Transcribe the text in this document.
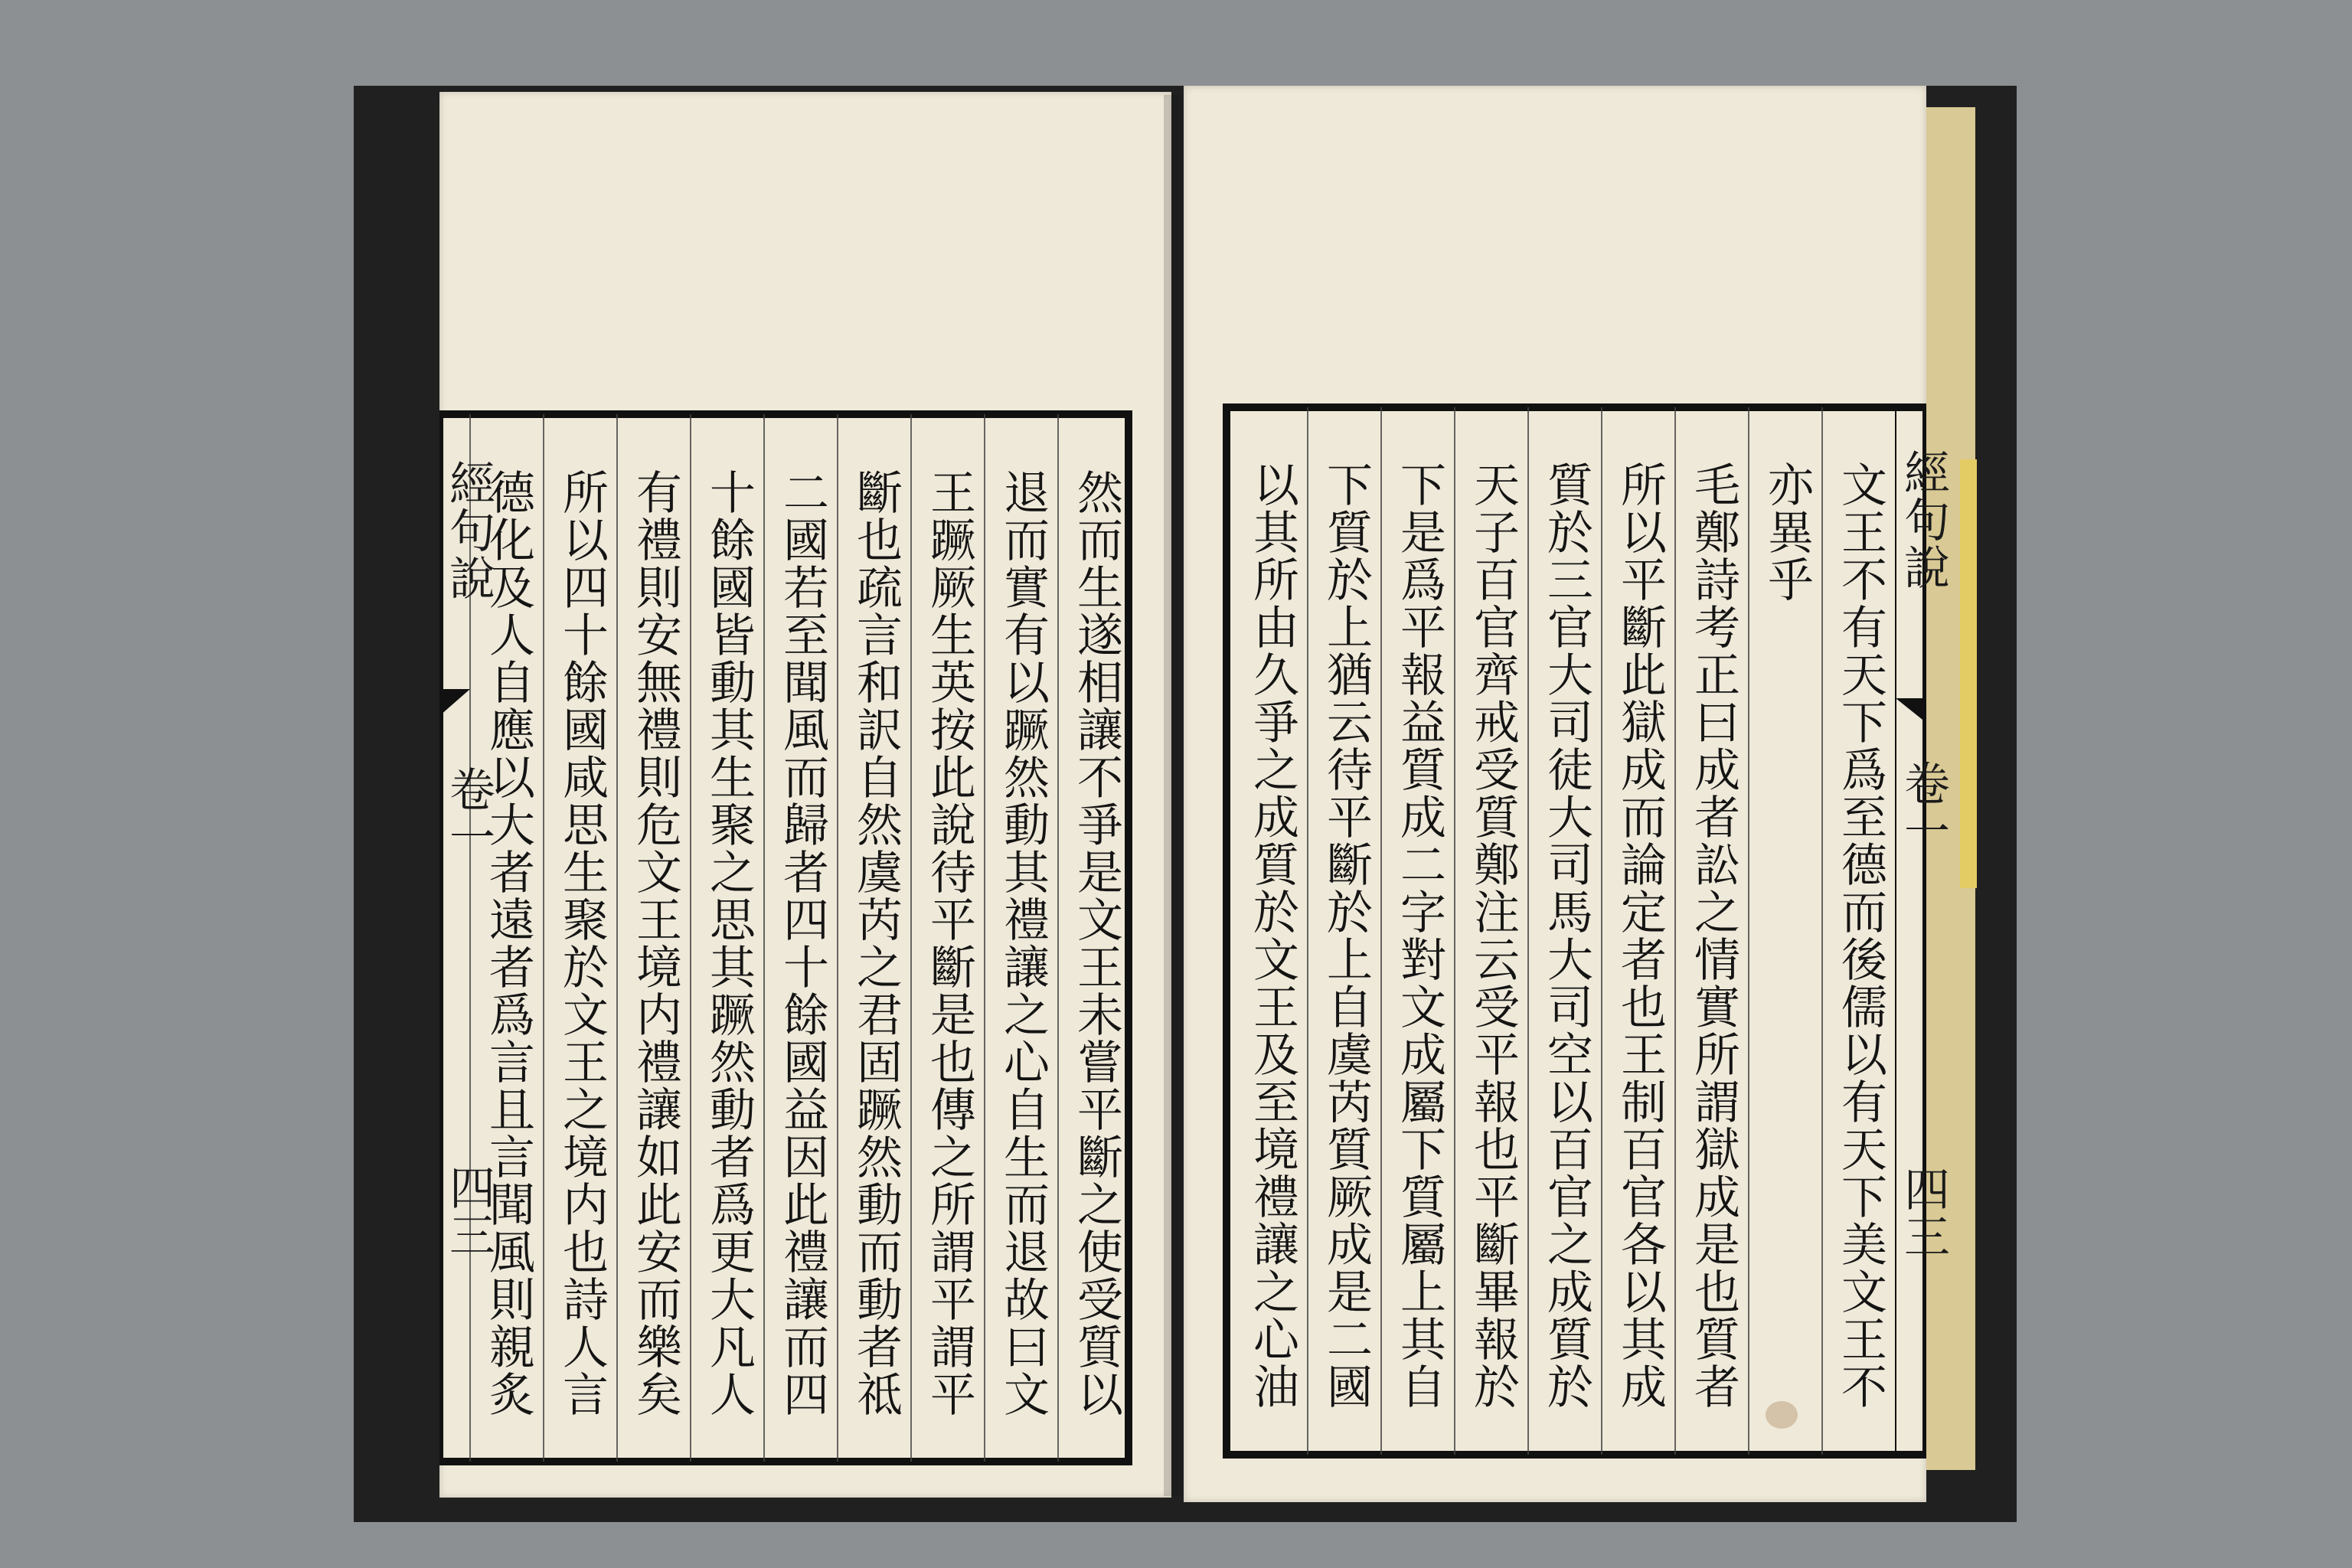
經句說
卷一
四三	然而生遂相讓不爭是文王未嘗平斷之使受質以
退而實有以蹶然動其禮讓之心自生而退故曰文
王蹶厥生英按此說待平斷是也傳之所謂平謂平
斷也疏言和訳自然虞芮之君固蹶然動而動者祗
二國若至聞風而歸者四十餘國益因此禮讓而四
十餘國皆動其生聚之思其蹶然動者爲更大凡人
有禮則安無禮則危文王境内禮讓如此安而樂矣
所以四十餘國咸思生聚於文王之境内也詩人言
德化及人自應以大者遠者爲言且言聞風則親炙	經句說
卷一
四三
文王不有天下爲至德而後儒以有天下美文王不
亦異乎
毛鄭詩考正曰成者訟之情實所謂獄成是也質者
所以平斷此獄成而論定者也王制百官各以其成
質於三官大司徒大司馬大司空以百官之成質於
天子百官齊戒受質鄭注云受平報也平斷畢報於
下是爲平報益質成二字對文成屬下質屬上其自
下質於上猶云待平斷於上自虞芮質厥成是二國
以其所由久爭之成質於文王及至境禮讓之心油
